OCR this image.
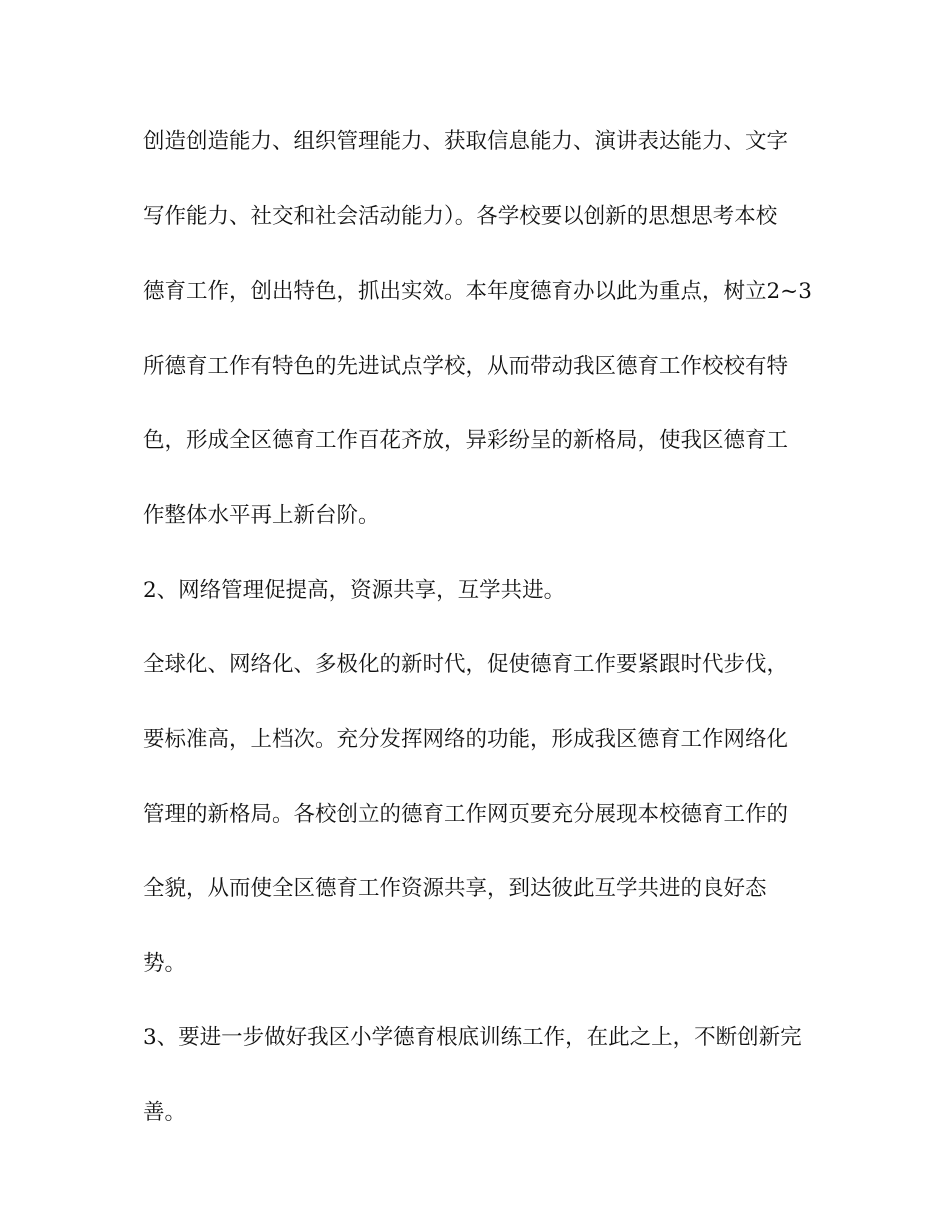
创造创造能力、组织管理能力、获取信息能力、演讲表达能力、文字

写作能力、社交和社会活动能力）。各学校要以创新的思想思考本校

德育工作，创出特色，抓出实效。本年度德育办以此为重点，树立2~3

所德育工作有特色的先进试点学校，从而带动我区德育工作校校有特

色，形成全区德育工作百花齐放，异彩纷呈的新格局，使我区德育工

作整体水平再上新台阶。

2、网络管理促提高，资源共享，互学共进。

全球化、网络化、多极化的新时代，促使德育工作要紧跟时代步伐，

要标准高，上档次。充分发挥网络的功能，形成我区德育工作网络化

管理的新格局。各校创立的德育工作网页要充分展现本校德育工作的

全貌，从而使全区德育工作资源共享，到达彼此互学共进的良好态

势。

3、要进一步做好我区小学德育根底训练工作，在此之上，不断创新完

善。
